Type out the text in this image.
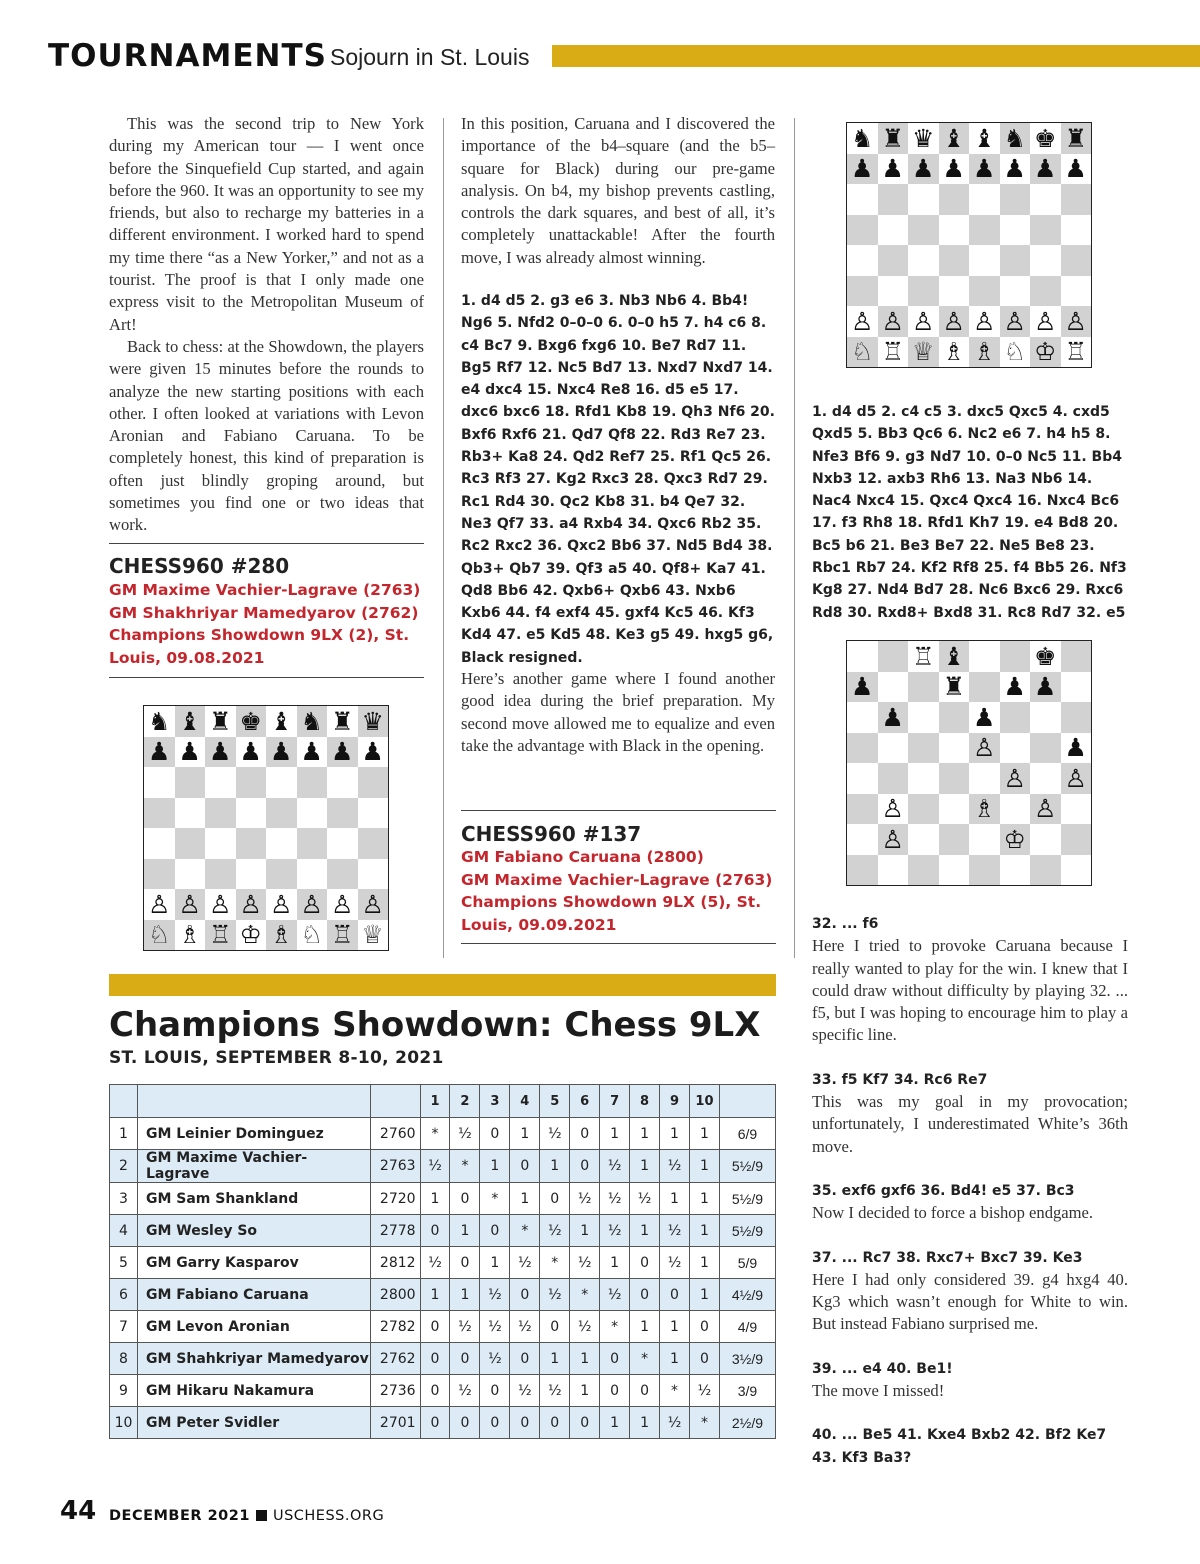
TOURNAMENTS Sojourn in St. Louis

This was the second trip to New York during my American tour — I went once before the Sinquefield Cup started, and again before the 960. It was an opportunity to see my friends, but also to recharge my batteries in a different environment. I worked hard to spend my time there “as a New Yorker,” and not as a tourist. The proof is that I only made one express visit to the Metropolitan Museum of Art!

Back to chess: at the Showdown, the players were given 15 minutes before the rounds to analyze the new starting positions with each other. I often looked at variations with Levon Aronian and Fabiano Caruana. To be completely honest, this kind of preparation is often just blindly groping around, but sometimes you find one or two ideas that work.

CHESS960 #280
GM Maxime Vachier-Lagrave (2763)
GM Shakhriyar Mamedyarov (2762)
Champions Showdown 9LX (2), St. Louis, 09.08.2021
♞ ♝ ♜ ♚ ♝ ♞ ♜ ♛
♟ ♟ ♟ ♟ ♟ ♟ ♟ ♟
♙ ♙ ♙ ♙ ♙ ♙ ♙ ♙
♘ ♗ ♖ ♔ ♗ ♘ ♖ ♕
In this position, Caruana and I discovered the importance of the b4–square (and the b5–square for Black) during our pre-game analysis. On b4, my bishop prevents castling, controls the dark squares, and best of all, it’s completely unattackable! After the fourth move, I was already almost winning.
1. d4 d5 2. g3 e6 3. Nb3 Nb6 4. Bb4! Ng6 5. Nfd2 0–0–0 6. 0–0 h5 7. h4 c6 8. c4 Bc7 9. Bxg6 fxg6 10. Be7 Rd7 11. Bg5 Rf7 12. Nc5 Bd7 13. Nxd7 Nxd7 14. e4 dxc4 15. Nxc4 Re8 16. d5 e5 17. dxc6 bxc6 18. Rfd1 Kb8 19. Qh3 Nf6 20. Bxf6 Rxf6 21. Qd7 Qf8 22. Rd3 Re7 23. Rb3+ Ka8 24. Qd2 Ref7 25. Rf1 Qc5 26. Rc3 Rf3 27. Kg2 Rxc3 28. Qxc3 Rd7 29. Rc1 Rd4 30. Qc2 Kb8 31. b4 Qe7 32. Ne3 Qf7 33. a4 Rxb4 34. Qxc6 Rb2 35. Rc2 Rxc2 36. Qxc2 Bb6 37. Nd5 Bd4 38. Qb3+ Qb7 39. Qf3 a5 40. Qf8+ Ka7 41. Qd8 Bb6 42. Qxb6+ Qxb6 43. Nxb6 Kxb6 44. f4 exf4 45. gxf4 Kc5 46. Kf3 Kd4 47. e5 Kd5 48. Ke3 g5 49. hxg5 g6, Black resigned.
Here’s another game where I found another good idea during the brief preparation. My second move allowed me to equalize and even take the advantage with Black in the opening.
CHESS960 #137
GM Fabiano Caruana (2800)
GM Maxime Vachier-Lagrave (2763)
Champions Showdown 9LX (5), St. Louis, 09.09.2021
♞ ♜ ♛ ♝ ♝ ♞ ♚ ♜
♟ ♟ ♟ ♟ ♟ ♟ ♟ ♟
♙ ♙ ♙ ♙ ♙ ♙ ♙ ♙
♘ ♖ ♕ ♗ ♗ ♘ ♔ ♖
1. d4 d5 2. c4 c5 3. dxc5 Qxc5 4. cxd5 Qxd5 5. Bb3 Qc6 6. Nc2 e6 7. h4 h5 8. Nfe3 Bf6 9. g3 Nd7 10. 0–0 Nc5 11. Bb4 Nxb3 12. axb3 Rh6 13. Na3 Nb6 14. Nac4 Nxc4 15. Qxc4 Qxc4 16. Nxc4 Bc6 17. f3 Rh8 18. Rfd1 Kh7 19. e4 Bd8 20. Bc5 b6 21. Be3 Be7 22. Ne5 Be8 23. Rbc1 Rb7 24. Kf2 Rf8 25. f4 Bb5 26. Nf3 Kg8 27. Nd4 Bd7 28. Nc6 Bxc6 29. Rxc6 Rd8 30. Rxd8+ Bxd8 31. Rc8 Rd7 32. e5
♖ ♝	♚
♟	♜ ♟ ♟
♟	♟
♙	♟
♙ ♙
♙	♗ ♙
♙	♔
32. ... f6
Here I tried to provoke Caruana because I really wanted to play for the win. I knew that I could draw without difficulty by playing 32. ... f5, but I was hoping to encourage him to play a specific line.
33. f5 Kf7 34. Rc6 Re7
This was my goal in my provocation; unfortunately, I underestimated White’s 36th move.
35. exf6 gxf6 36. Bd4! e5 37. Bc3
Now I decided to force a bishop endgame.
37. ... Rc7 38. Rxc7+ Bxc7 39. Ke3
Here I had only considered 39. g4 hxg4 40. Kg3 which wasn’t enough for White to win. But instead Fabiano surprised me.
39. ... e4 40. Be1!
The move I missed!
40. ... Be5 41. Kxe4 Bxb2 42. Bf2 Ke7 43. Kf3 Ba3?
Champions Showdown: Chess 9LX
ST. LOUIS, SEPTEMBER 8-10, 2021
			1	2	3	4	5	6	7	8	9	10	
1	GM Leinier Dominguez	2760	*	½	0	1	½	0	1	1	1	1	6/9
2	GM Maxime Vachier-Lagrave	2763	½	*	1	0	1	0	½	1	½	1	5½/9
3	GM Sam Shankland	2720	1	0	*	1	0	½	½	½	1	1	5½/9
4	GM Wesley So	2778	0	1	0	*	½	1	½	1	½	1	5½/9
5	GM Garry Kasparov	2812	½	0	1	½	*	½	1	0	½	1	5/9
6	GM Fabiano Caruana	2800	1	1	½	0	½	*	½	0	0	1	4½/9
7	GM Levon Aronian	2782	0	½	½	½	0	½	*	1	1	0	4/9
8	GM Shahkriyar Mamedyarov	2762	0	0	½	0	1	1	0	*	1	0	3½/9
9	GM Hikaru Nakamura	2736	0	½	0	½	½	1	0	0	*	½	3/9
10	GM Peter Svidler	2701	0	0	0	0	0	0	1	1	½	*	2½/9
44 DECEMBER 2021 USCHESS.ORG
